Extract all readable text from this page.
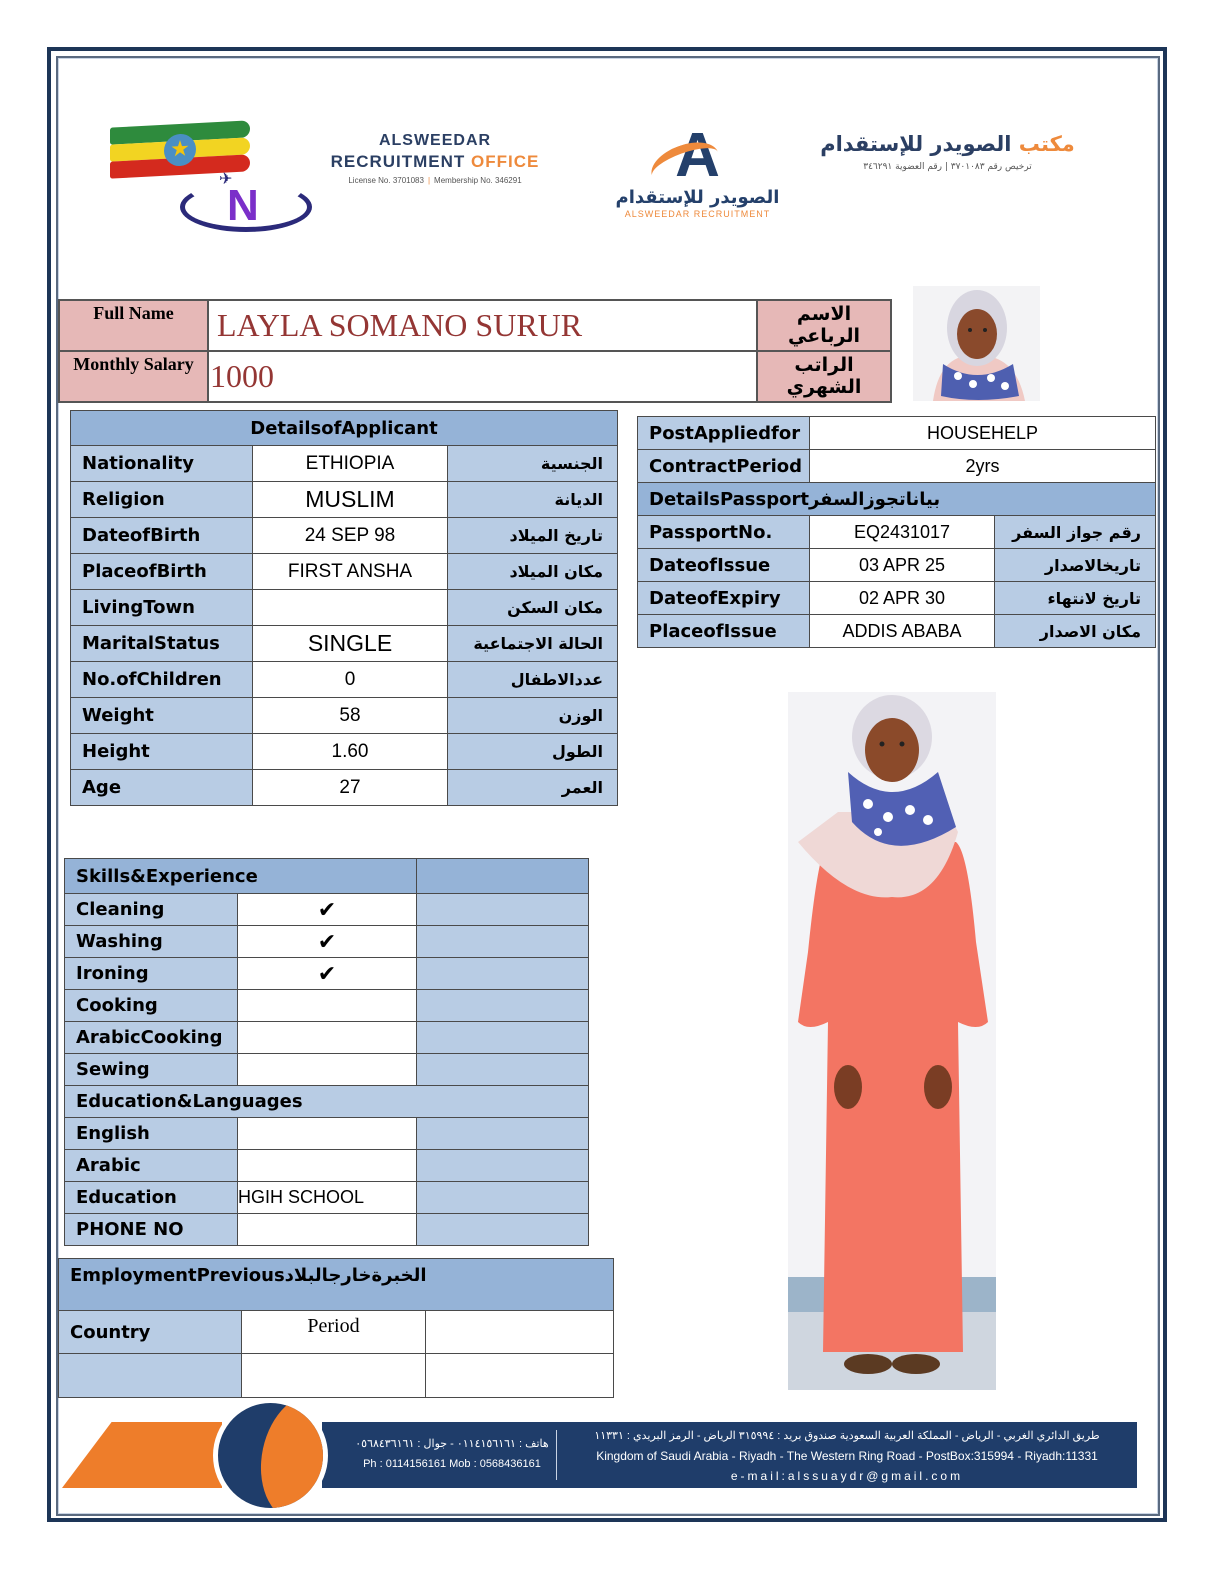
★
✈
N
ALSWEEDAR
RECRUITMENT OFFICE
License No. 3701083 | Membership No. 346291	A
الصويدر للإستقدام
ALSWEEDAR RECRUITMENT
مكتب الصويدر للإستقدام
ترخيص رقم ٣٧٠١٠٨٣ | رقم العضوية ٣٤٦٢٩١
Full Name	LAYLA SOMANO SURUR	الاسم الرباعي
Monthly Salary	1000	الراتب الشهري
DetailsofApplicant		
Nationality	ETHIOPIA	الجنسية
Religion	MUSLIM	الديانة
DateofBirth	24 SEP 98	تاريخ الميلاد
PlaceofBirth	FIRST ANSHA	مكان الميلاد
LivingTown		مكان السكن
MaritalStatus	SINGLE	الحالة الاجتماعية
No.ofChildren	0	عددالاطفال
Weight	58	الوزن
Height	1.60	الطول
Age	27	العمر
PostAppliedfor	HOUSEHELP	
ContractPeriod	2yrs	
DetailsPassportبياناتجوزالسفر		
PassportNo.	EQ2431017	رقم جواز السفر
DateofIssue	03 APR 25	تاريخالاصدار
DateofExpiry	02 APR 30	تاريخ لانتهاء
PlaceofIssue	ADDIS ABABA	مكان الاصدار
Skills&Experience		
Cleaning	✔	
Washing	✔	
Ironing	✔	
Cooking		
ArabicCooking		
Sewing		
Education&Languages		
English		
Arabic		
Education	HGIH SCHOOL	
PHONE NO		
EmploymentPreviousالخبرةخارجالبلاد		
Country	Period	

هاتف : ٠١١٤١٥٦١٦١ - جوال : ٠٥٦٨٤٣٦١٦١
Ph : 0114156161 Mob : 0568436161
طريق الدائري الغربي - الرياض - المملكة العربية السعودية صندوق بريد : ٣١٥٩٩٤ الرياض - الرمز البريدي : ١١٣٣١
Kingdom of Saudi Arabia - Riyadh - The Western Ring Road - PostBox:315994 - Riyadh:11331
e-mail:alssuaydr@gmail.com
